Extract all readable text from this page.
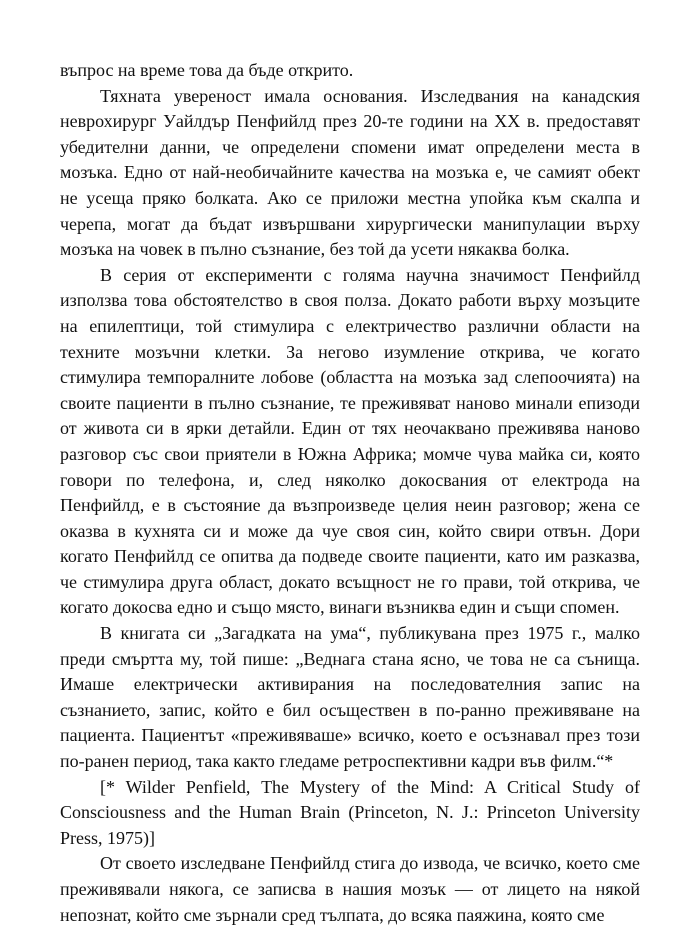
въпрос на време това да бъде открито.

Тяхната увереност имала основания. Изследвания на канадския неврохирург Уайлдър Пенфийлд през 20-те години на XX в. предоставят убедителни данни, че определени спомени имат определени места в мозъка. Едно от най-необичайните качества на мозъка е, че самият обект не усеща пряко болката. Ако се приложи местна упойка към скалпа и черепа, могат да бъдат извършвани хирургически манипулации върху мозъка на човек в пълно съзнание, без той да усети някаква болка.

В серия от експерименти с голяма научна значимост Пенфийлд използва това обстоятелство в своя полза. Докато работи върху мозъците на епилептици, той стимулира с електричество различни области на техните мозъчни клетки. За негово изумление открива, че когато стимулира темпоралните лобове (областта на мозъка зад слепоочията) на своите пациенти в пълно съзнание, те преживяват наново минали епизоди от живота си в ярки детайли. Един от тях неочаквано преживява наново разговор със свои приятели в Южна Африка; момче чува майка си, която говори по телефона, и, след няколко докосвания от електрода на Пенфийлд, е в състояние да възпроизведе целия неин разговор; жена се оказва в кухнята си и може да чуе своя син, който свири отвън. Дори когато Пенфийлд се опитва да подведе своите пациенти, като им разказва, че стимулира друга област, докато всъщност не го прави, той открива, че когато докосва едно и също място, винаги възниква един и същи спомен.

В книгата си „Загадката на ума“, публикувана през 1975 г., малко преди смъртта му, той пише: „Веднага стана ясно, че това не са сънища. Имаше електрически активирания на последователния запис на съзнанието, запис, който е бил осъществен в по-ранно преживяване на пациента. Пациентът «преживяваше» всичко, което е осъзнавал през този по-ранен период, така както гледаме ретроспективни кадри във филм.“*

[* Wilder Penfield, The Mystery of the Mind: A Critical Study of Consciousness and the Human Brain (Princeton, N. J.: Princeton University Press, 1975)]

От своето изследване Пенфийлд стига до извода, че всичко, което сме преживявали някога, се записва в нашия мозък — от лицето на някой непознат, който сме зърнали сред тълпата, до всяка паяжина, която сме
